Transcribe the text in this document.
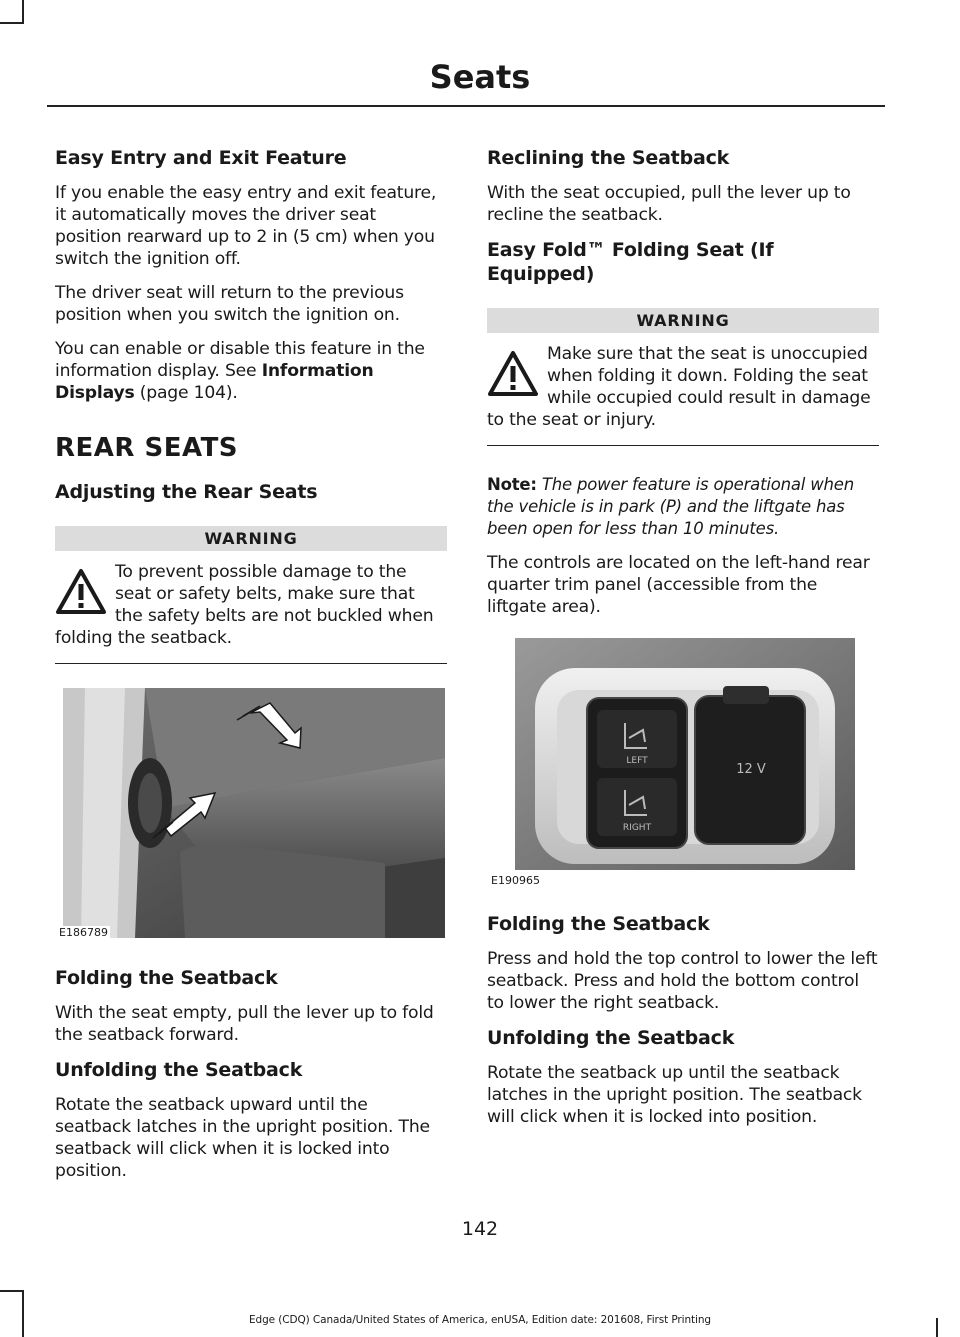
Seats
Easy Entry and Exit Feature

If you enable the easy entry and exit feature, it automatically moves the driver seat position rearward up to 2 in (5 cm) when you switch the ignition off.

The driver seat will return to the previous position when you switch the ignition on.

You can enable or disable this feature in the information display. See Information Displays (page 104).

REAR SEATS
Adjusting the Rear Seats
WARNING
To prevent possible damage to the seat or safety belts, make sure that the safety belts are not buckled when folding the seatback.
E186789
Folding the Seatback

With the seat empty, pull the lever up to fold the seatback forward.

Unfolding the Seatback

Rotate the seatback upward until the seatback latches in the upright position. The seatback will click when it is locked into position.

Reclining the Seatback

With the seat occupied, pull the lever up to recline the seatback.

Easy Fold™ Folding Seat (If Equipped)
WARNING
Make sure that the seat is unoccupied when folding it down. Folding the seat while occupied could result in damage to the seat or injury.

Note: The power feature is operational when the vehicle is in park (P) and the liftgate has been open for less than 10 minutes.

The controls are located on the left-hand rear quarter trim panel (accessible from the liftgate area).

LEFT
RIGHT
12 V
E190965
Folding the Seatback

Press and hold the top control to lower the left seatback. Press and hold the bottom control to lower the right seatback.

Unfolding the Seatback

Rotate the seatback up until the seatback latches in the upright position. The seatback will click when it is locked into position.

142
Edge (CDQ) Canada/United States of America, enUSA, Edition date: 201608, First Printing
